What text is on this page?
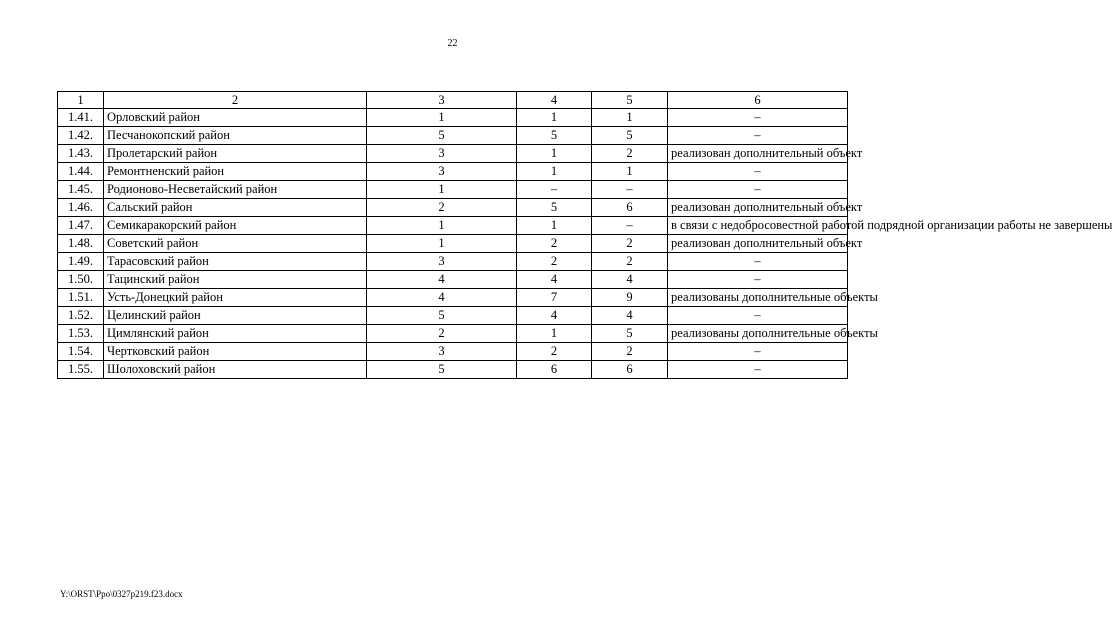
22
1	2	3	4	5	6
1.41.	Орловский район	1	1	1	–
1.42.	Песчанокопский район	5	5	5	–
1.43.	Пролетарский район	3	1	2	реализован дополнительный объект
1.44.	Ремонтненский район	3	1	1	–
1.45.	Родионово-Несветайский район	1	–	–	–
1.46.	Сальский район	2	5	6	реализован дополнительный объект
1.47.	Семикаракорский район	1	1	–	в связи с недобросовестной работой подрядной организации работы не завершены
1.48.	Советский район	1	2	2	реализован дополнительный объект
1.49.	Тарасовский район	3	2	2	–
1.50.	Тацинский район	4	4	4	–
1.51.	Усть-Донецкий район	4	7	9	реализованы дополнительные объекты
1.52.	Целинский район	5	4	4	–
1.53.	Цимлянский район	2	1	5	реализованы дополнительные объекты
1.54.	Чертковский район	3	2	2	–
1.55.	Шолоховский район	5	6	6	–
Y:\ORST\Ppo\0327p219.f23.docx
